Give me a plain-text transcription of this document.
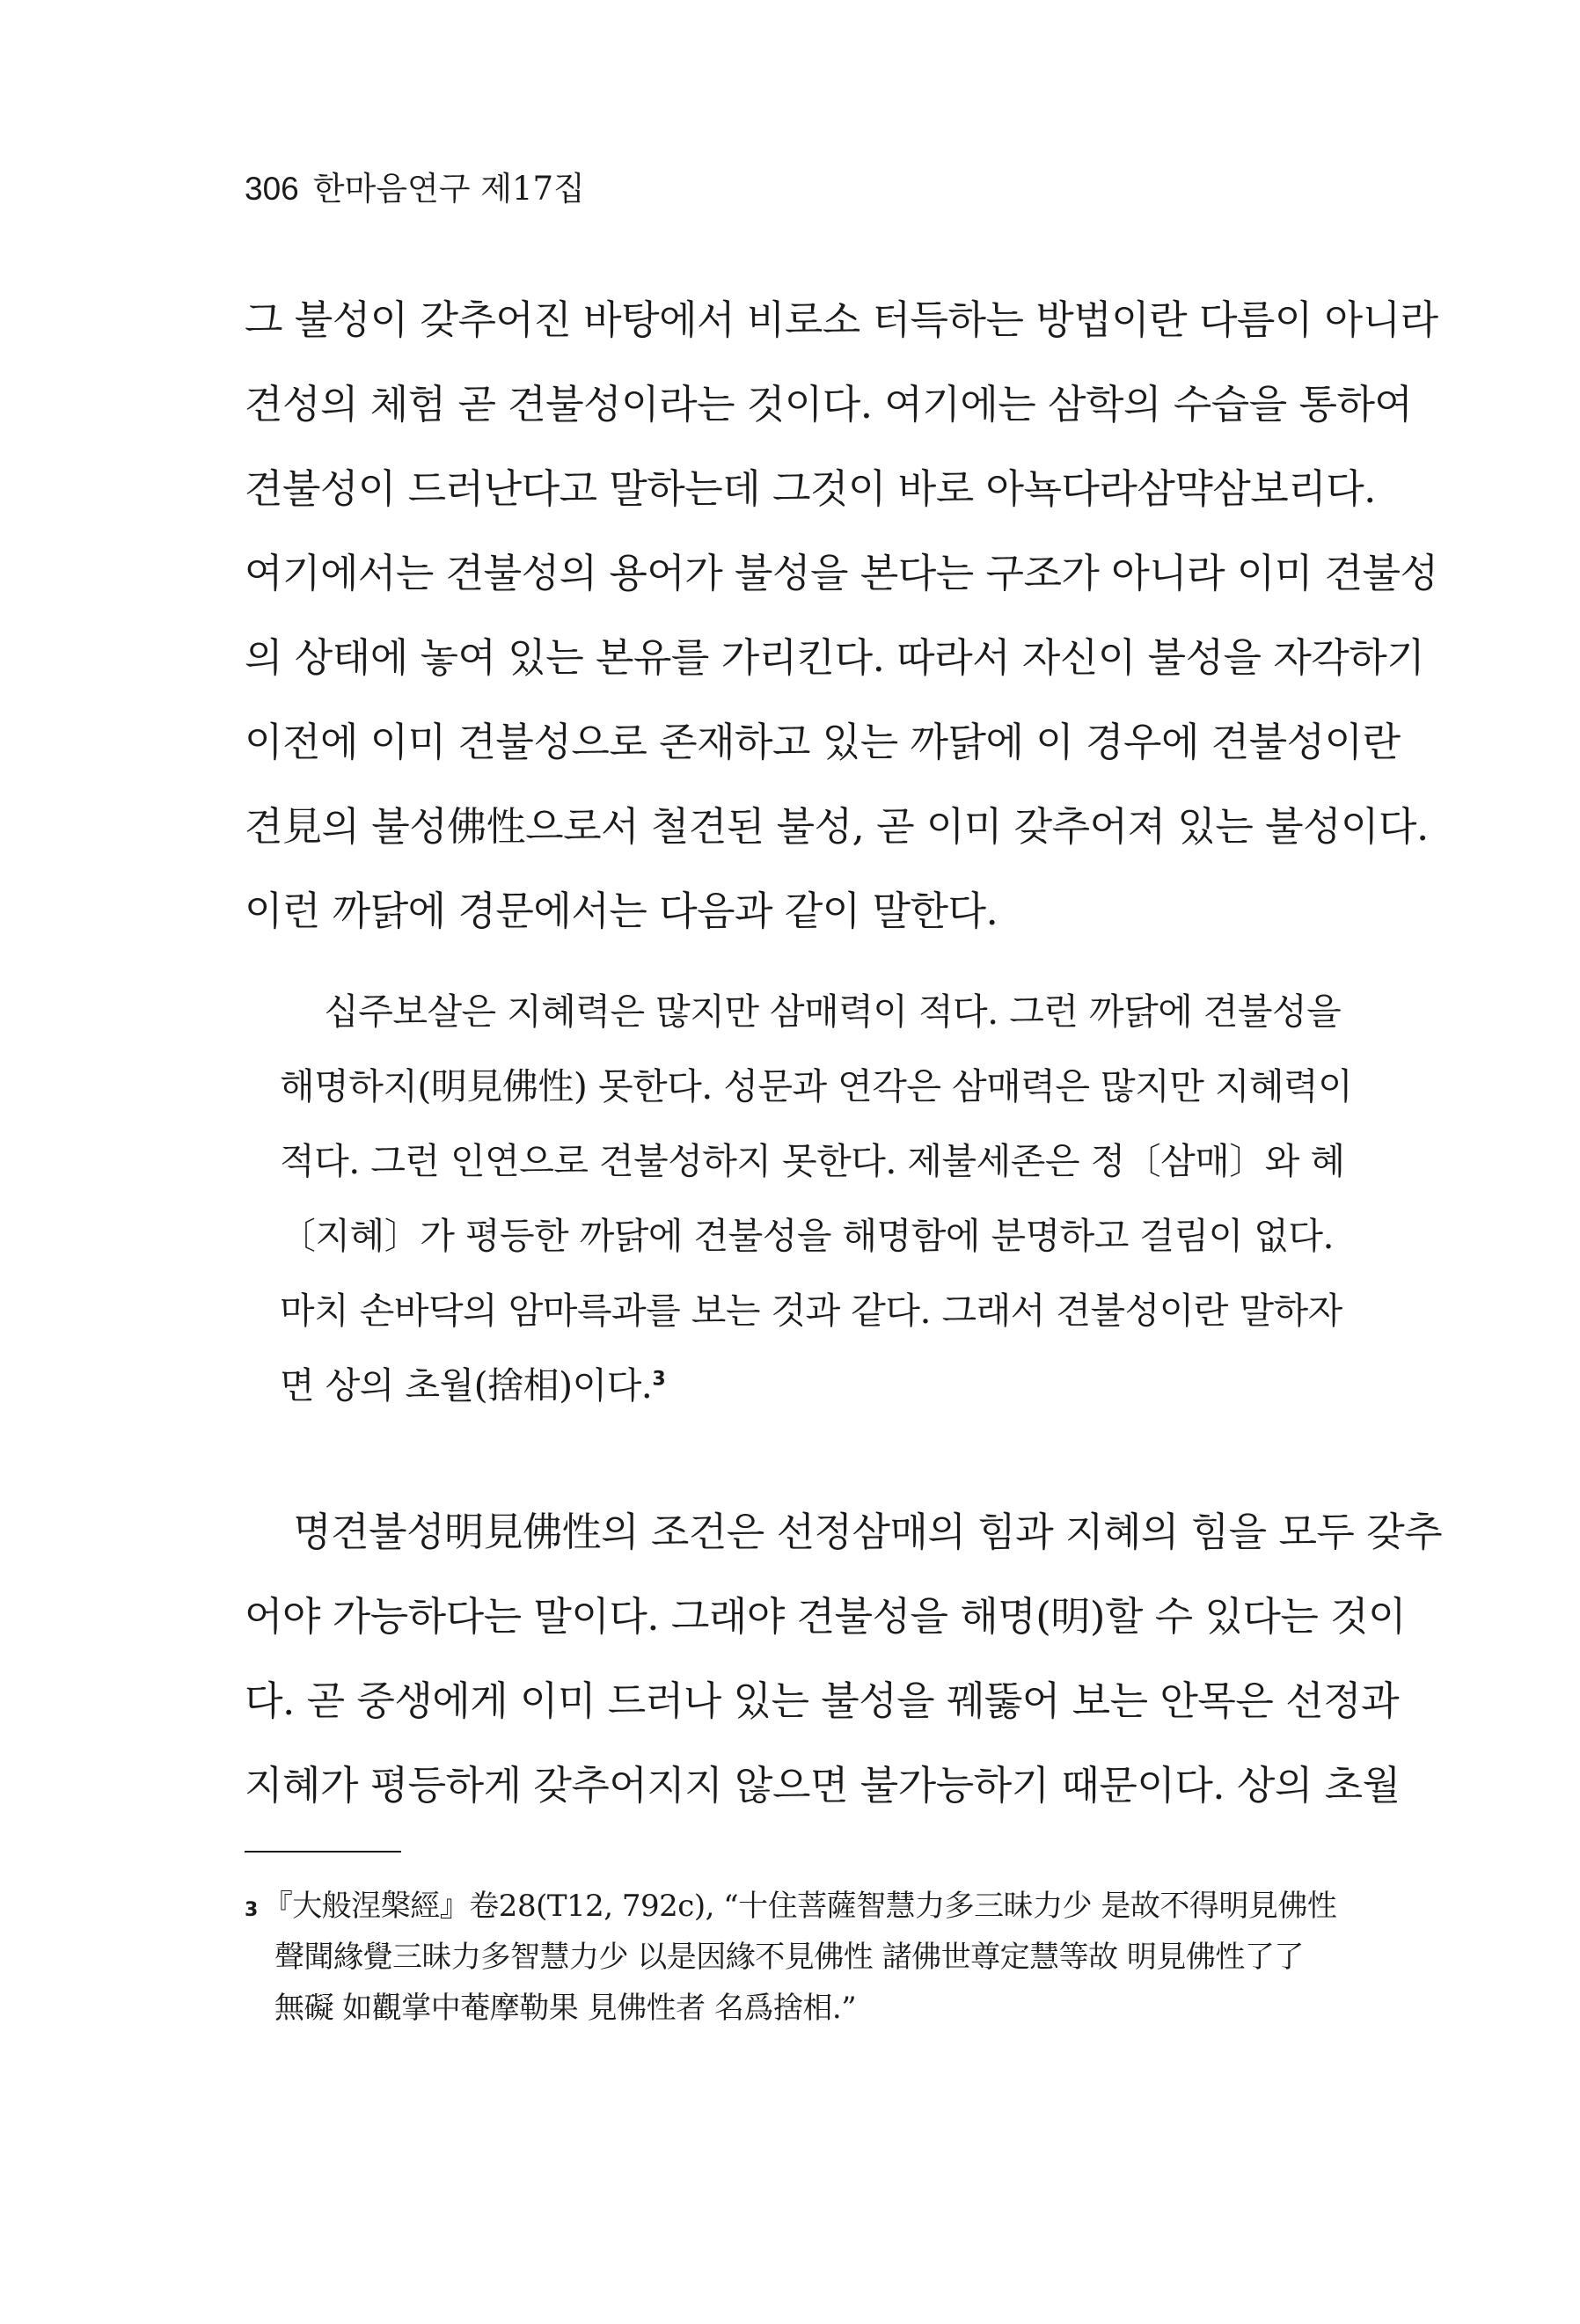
306 한마음연구 제17집

그 불성이 갖추어진 바탕에서 비로소 터득하는 방법이란 다름이 아니라
견성의 체험 곧 견불성이라는 것이다. 여기에는 삼학의 수습을 통하여
견불성이 드러난다고 말하는데 그것이 바로 아뇩다라삼먁삼보리다.
여기에서는 견불성의 용어가 불성을 본다는 구조가 아니라 이미 견불성
의 상태에 놓여 있는 본유를 가리킨다. 따라서 자신이 불성을 자각하기
이전에 이미 견불성으로 존재하고 있는 까닭에 이 경우에 견불성이란
견見의 불성佛性으로서 철견된 불성, 곧 이미 갖추어져 있는 불성이다.
이런 까닭에 경문에서는 다음과 같이 말한다.

십주보살은 지혜력은 많지만 삼매력이 적다. 그런 까닭에 견불성을
해명하지(明見佛性) 못한다. 성문과 연각은 삼매력은 많지만 지혜력이
적다. 그런 인연으로 견불성하지 못한다. 제불세존은 정〔삼매〕와 혜
〔지혜〕가 평등한 까닭에 견불성을 해명함에 분명하고 걸림이 없다.
마치 손바닥의 암마륵과를 보는 것과 같다. 그래서 견불성이란 말하자
면 상의 초월(捨相)이다.$^3$

명견불성明見佛性의 조건은 선정삼매의 힘과 지혜의 힘을 모두 갖추
어야 가능하다는 말이다. 그래야 견불성을 해명(明)할 수 있다는 것이
다. 곧 중생에게 이미 드러나 있는 불성을 꿰뚫어 보는 안목은 선정과
지혜가 평등하게 갖추어지지 않으면 불가능하기 때문이다. 상의 초월

3 『大般涅槃經』卷28(T12, 792c), “十住菩薩智慧力多三昧力少 是故不得明見佛性
聲聞緣覺三昧力多智慧力少 以是因緣不見佛性 諸佛世尊定慧等故 明見佛性了了
無礙 如觀掌中菴摩勒果 見佛性者 名爲捨相.”
